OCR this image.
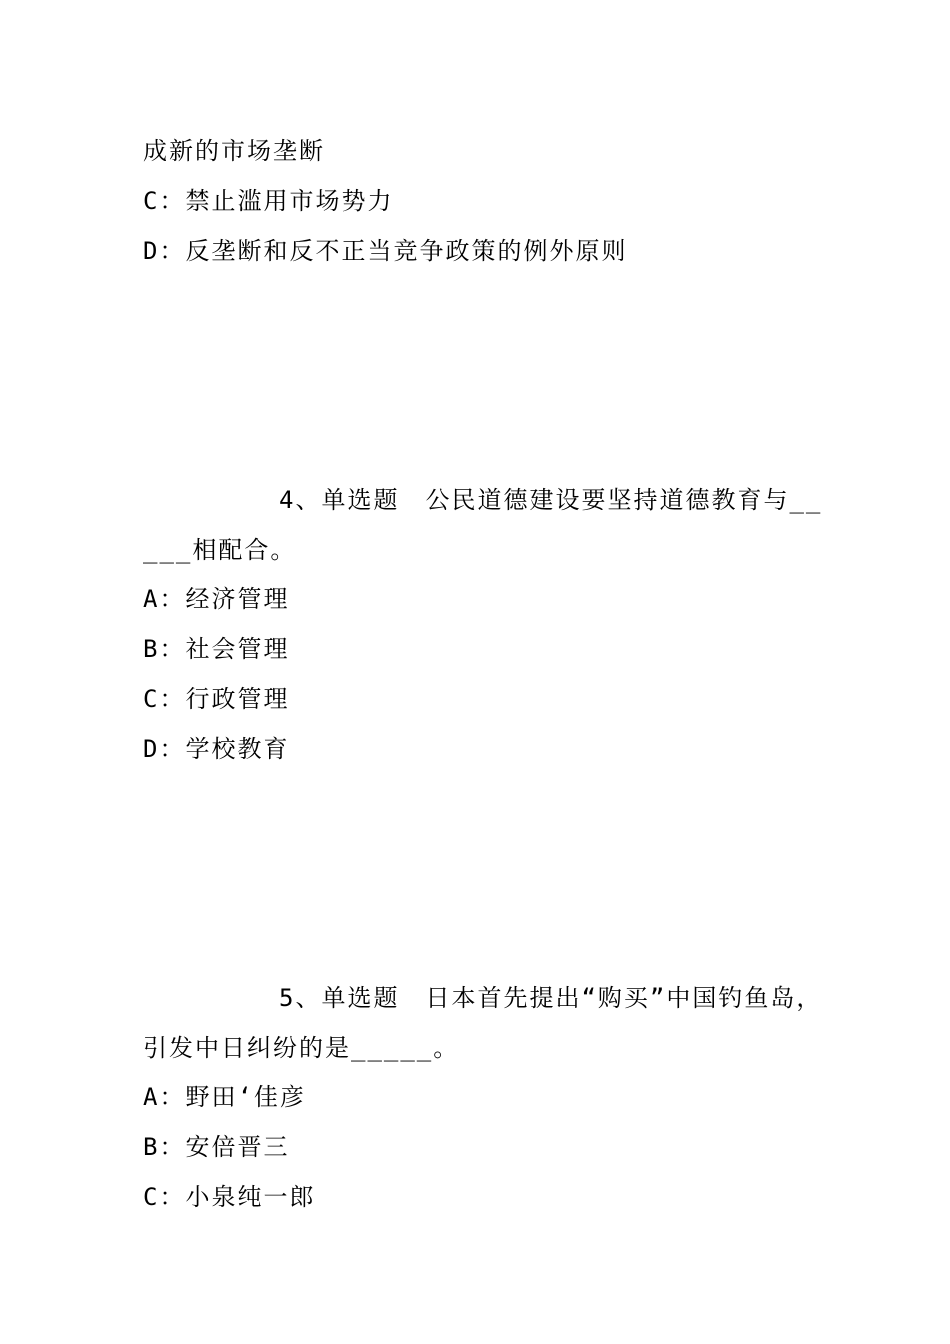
成新的市场垄断
C：禁止滥用市场势力
D：反垄断和反不正当竞争政策的例外原则
4、单选题　公民道德建设要坚持道德教育与__
___相配合。
A：经济管理
B：社会管理
C：行政管理
D：学校教育
5、单选题　日本首先提出“购买”中国钓鱼岛，
引发中日纠纷的是_____。
A：野田‘佳彦
B：安倍晋三
C：小泉纯一郎
